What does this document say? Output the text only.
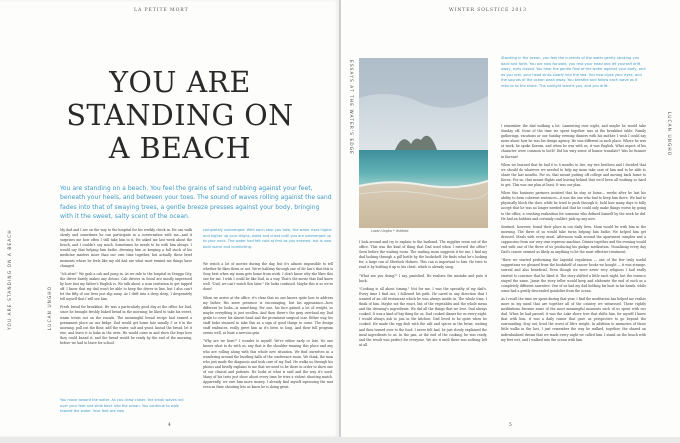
LA PETITE MORT
YOU ARE STANDING ON A BEACH	LUCAN UNGHO
YOU ARE STANDING ON A BEACH

You are standing on a beach. You feel the grains of sand rubbing against your feet, beneath your heels, and between your toes. The sound of waves rolling against the sand fades into that of swaying trees, a gentle breeze presses against your body, bringing with it the sweet, salty scent of the ocean.

My dad and I are on the way to the hospital for his weekly check in. He can walk slowly and sometimes he can participate in a conversation with me—and it surprises me how often I still take him to it. He asked me last week about the beach, and I couldn't say much. Sometimes he needs to be with him always. I would say that helping him bathe, dressing him or keeping a full stock of his medicine matters more than our own time together, but actually these brief moments where he feels like my old dad are what most remind me things have changed.

"Ich sitze!" We grab a cab and jump in. As we ride to the hospital in Sengga City, the driver barely makes any detour. Cab drivers in Seoul are mostly impressed by how fast my father's English is. We talk about a scan invitation to get tapped off. I know that my dad won't be able to keep the driver in line, but I also can't let the fifty of our lives just slip away. As I drift into a deep sleep, I desperately tell myself that I will see him.

Fresh bread for breakfast. He was a particularly good day at the office for Dad, since he brought freshly baked bread in the morning; he liked to take his sweet, warm treats out on the rounds. The meaningful bread recipe had earned a permanent place on our fridge. Dad would get home late usually 5 or 6 in the morning, pull out the flour, add the water, salt and yeast, knead the bread, let it rise, and leave it to bake in the oven. He would come in and show the boys how they could knead it, and the bread would be ready by the end of the morning, before we had to leave for school.

You move toward the water. As you draw closer, the small waves roll over your feet and slide back into the ocean. You continue to walk toward the water. Your feet are now

completely submerged. With each step you take, the water rises higher and higher up your thighs, waist and chest until you are submerged up to your neck. The water had felt cold at first as you entered, but is now both warm and comforting.

We watch a lot of movies during the day, but it's almost impossible to tell whether he likes them or not. We're halfway through one of Sir Ian's that this is Sexy best when my mum gets home from work. I don't know why she likes this one for me. I wish I could be like Dad, in a way. That's the movie that Dad knew well. "Dad, we can't watch this later." He looks confused. Maybe this is so we're done!

When we arrive at the office, it's clear that no one knows quite how to address my father. His mere presence is encouraging, but his appearance—how different he looks—is something. For one, his face gained a lot of weight, so maybe everything is just swollen. And then there's the gray overhaul my Dad grabs to cover his absent head and the prominent surgical scar. Either way, his staff looks stunned to take this as a sign of good things to come. The design staff embraces, really greet him as it's been so long. And their full program seems well, at least a nervous grin.

"Why are we here?" I wonder to myself. We're either early or late. No one knows what to do with us, any that is the shoulder running this place and any who are rolling along with this whole new situation. We find ourselves in a wandering around the bustling halls of the conference room. We think, the man who just made the diagnosis and took care of my Dad. He walks us through his photos and briefly explains to me that we need to be there in order to show one of our clinical and patients. He looks at what is said and the way it's used. Many of his tests just show about every time he tries a violent shooting match. Apparently, we owe him more money. I already find myself squeezing the mat even as their shouting lets us know he is doing great.

4
WINTER SOLSTICE 2013
ESSAYS AT THE WATER'S EDGE	LUCAN UNGHO

I look around and try to explain to the husband. The supplies seem out of the office. This was the kind of thing that Dad used when I entered the office? Seen before the waiting room. The waiting room suggests it for me; I find my dad looking through a pill bottle by the bookshelf. He finds what he's looking for, a large can of Sherlock Holmes. This can is important to him. He tries to read it by holding it up to his chest, which is already snug.

"What are you doing?" I say, panicked. He realizes the mistake and puts it back.

"Cooking is all about timing." Not for me. I was the specialty of my dad's. Every time I find out, I followed his path. He cared in any direction that I wanted of an old restaurant which he was always inside in. The whole time, I think of him. Maybe not the exact, but of the vegetables and the whole menu and the dressing's ingredients. We did all the things that we love. Dad always cooked. It was a kind of big thing for us. Dad cooked dinner for us every night. I would always ask to join in the kitchen. Dad loved to be quiet when he cooked. He made the egg dish with the salt and spices in the brine, waiting and then turned over to the food. I never felt bad, he just slowly explained the meal ingredients to us. In the pan, at the end of the cooking, he was ready, and the result was perfect for everyone. We ate it until there was nothing left at all.

Standing in the ocean, you feel the currents of the water gently stroking you back and forth. You are now focused, you rest your head and let yourself drift away, eyes closed. You hear the gentle flow of the water against your body, and as you rest, your head sinks slowly into the sea. You now close your eyes, and the sounds of the ocean wash away. You breathe and follow each wave as it returns to the shore. The sunlight warms you, and you drift.

I remember the dad walking a lot. Lamenting over night, and maybe he would take Sunday off. None of the time we spent together was at the breakfast table. Family gatherings, vacations or our Sunday evening dinners with his mother. I wish I could say more about how he was his design agency. He was different in such place. Where he was at work, he spoke Korean, and when he was with us, it was English. What aspect of his character were common to both? Did his wiry sense of humor translate? Was he funnier in Korean?

When we learned that he had 6 to 8 months to live, my two brothers and I decided that we should do whatever we needed to help my mom take care of him and to be able to share the last months. For us, that meant putting off college and moving back home to Korea. For us, that meant flights and leaving behind that we'd been all working so hard to get. This was our plan at least. It was our plan.

When this business partners insisted that he stay at home— weeks after he last his ability to form coherent sentences—it was the one who had to keep him there. We had to physically block the door, while he tried to push through it, bold how many days to fully accept that he was no longer needed and that he could only make things worse by going to the office, a crushing realization for someone who defined himself by the work he did. He had an hobbies and certainly couldn't pick up any now.

Sentinel, however, found their place in our daily lives. Mom would be with him in the morning. The three of us would take turns helping him bathe. We helped him get dressed. Meals with every meal. Afternoon walk around the apartment complex and a cappuccino from our very own espresso machine. Dinner together and the evening would end with one of the three of us producing his ginkgo medication. Visualizing every day Dad's cancer seemed as likely as anything to be the most effective treatment.

"Have we started performing the Iagoidal regulation — one of the few truly useful suggestions we gleaned from the bookshelf of cancer books we bought — it was strange, surreal and also beneficial. Even though we were never very religious I had really started to convince that he liked it. The story shifted a little each night, but the essence stayed the same. Jamie the story teller would keep and elaborate the end of each as a completely different narrative. One of us had my dad holding his boat in his hands, while some had a gently descended gondolier from the ocean.

As I recall the time we spent during that year, I find the meditation has helped me realize more in my mind that are together all of the country we witnessed. These rightly meditations became some of the most meaningful moments each of us spent with our dad. When he had passed, it was the Lake shore tree that shifts him, for myself I knew that with him, it was a daily rumor that gave us perspective to go beyond the surrounding. Stay out, lived the worst of life's weight. In addition to memories of those little walks in the last, I just remember the way he walked, together, the shared an individualized dream that we made every night we called him. I stand on the beach with my feet wet, and I walked into the ocean with him.

5
Lucan Ungho • Untitled
